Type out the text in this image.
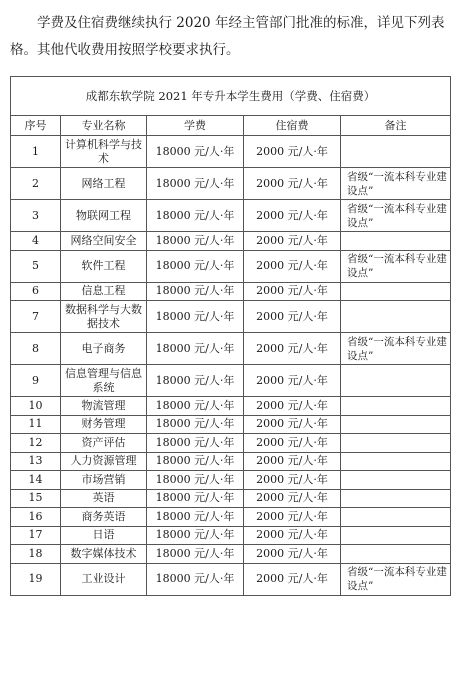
学费及住宿费继续执行 2020 年经主管部门批准的标准，详见下列表格。其他代收费用按照学校要求执行。

成都东软学院 2021 年专升本学生费用（学费、住宿费）				
序号	专业名称	学费	住宿费	备注
1	计算机科学与技术	18000 元/人·年	2000 元/人·年	
2	网络工程	18000 元/人·年	2000 元/人·年	省级“一流本科专业建设点”
3	物联网工程	18000 元/人·年	2000 元/人·年	省级“一流本科专业建设点”
4	网络空间安全	18000 元/人·年	2000 元/人·年	
5	软件工程	18000 元/人·年	2000 元/人·年	省级“一流本科专业建设点”
6	信息工程	18000 元/人·年	2000 元/人·年	
7	数据科学与大数据技术	18000 元/人·年	2000 元/人·年	
8	电子商务	18000 元/人·年	2000 元/人·年	省级“一流本科专业建设点”
9	信息管理与信息系统	18000 元/人·年	2000 元/人·年	
10	物流管理	18000 元/人·年	2000 元/人·年	
11	财务管理	18000 元/人·年	2000 元/人·年	
12	资产评估	18000 元/人·年	2000 元/人·年	
13	人力资源管理	18000 元/人·年	2000 元/人·年	
14	市场营销	18000 元/人·年	2000 元/人·年	
15	英语	18000 元/人·年	2000 元/人·年	
16	商务英语	18000 元/人·年	2000 元/人·年	
17	日语	18000 元/人·年	2000 元/人·年	
18	数字媒体技术	18000 元/人·年	2000 元/人·年	
19	工业设计	18000 元/人·年	2000 元/人·年	省级“一流本科专业建设点”
